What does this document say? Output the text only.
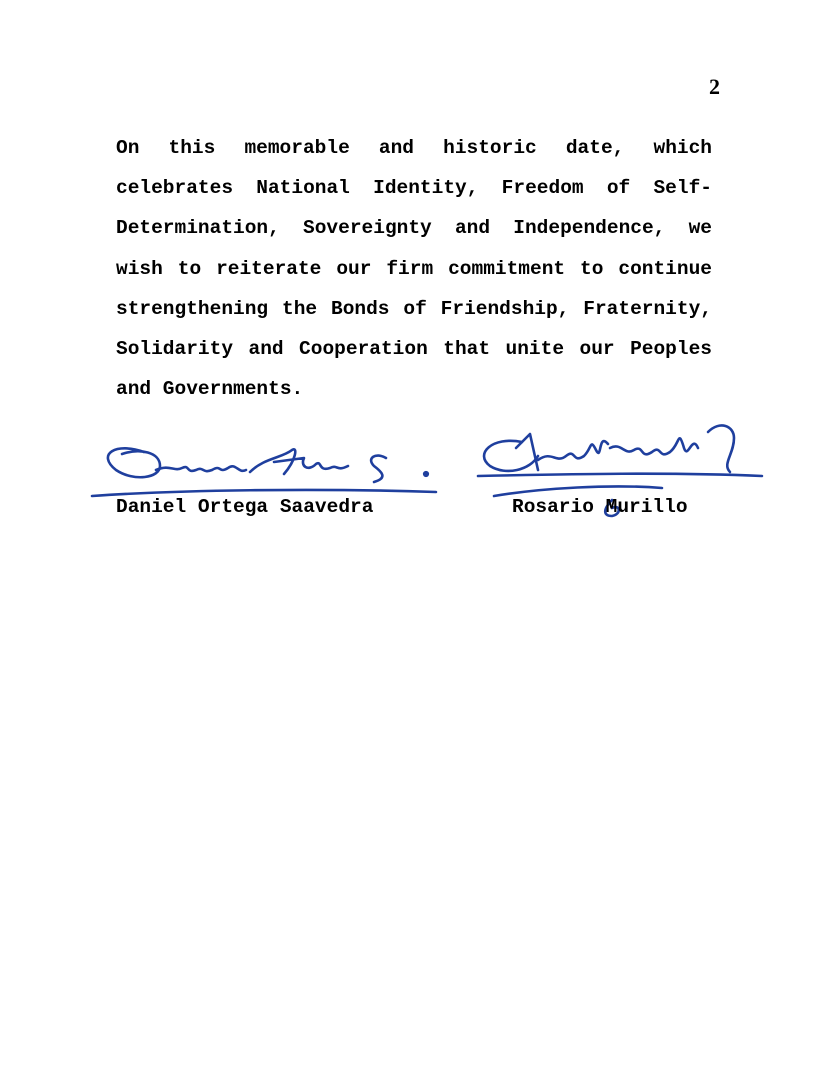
2

On this memorable and historic date, which celebrates National Identity, Freedom of Self-Determination, Sovereignty and Independence, we wish to reiterate our firm commitment to continue strengthening the Bonds of Friendship, Fraternity, Solidarity and Cooperation that unite our Peoples and Governments.

Daniel Ortega Saavedra	Rosario Murillo
